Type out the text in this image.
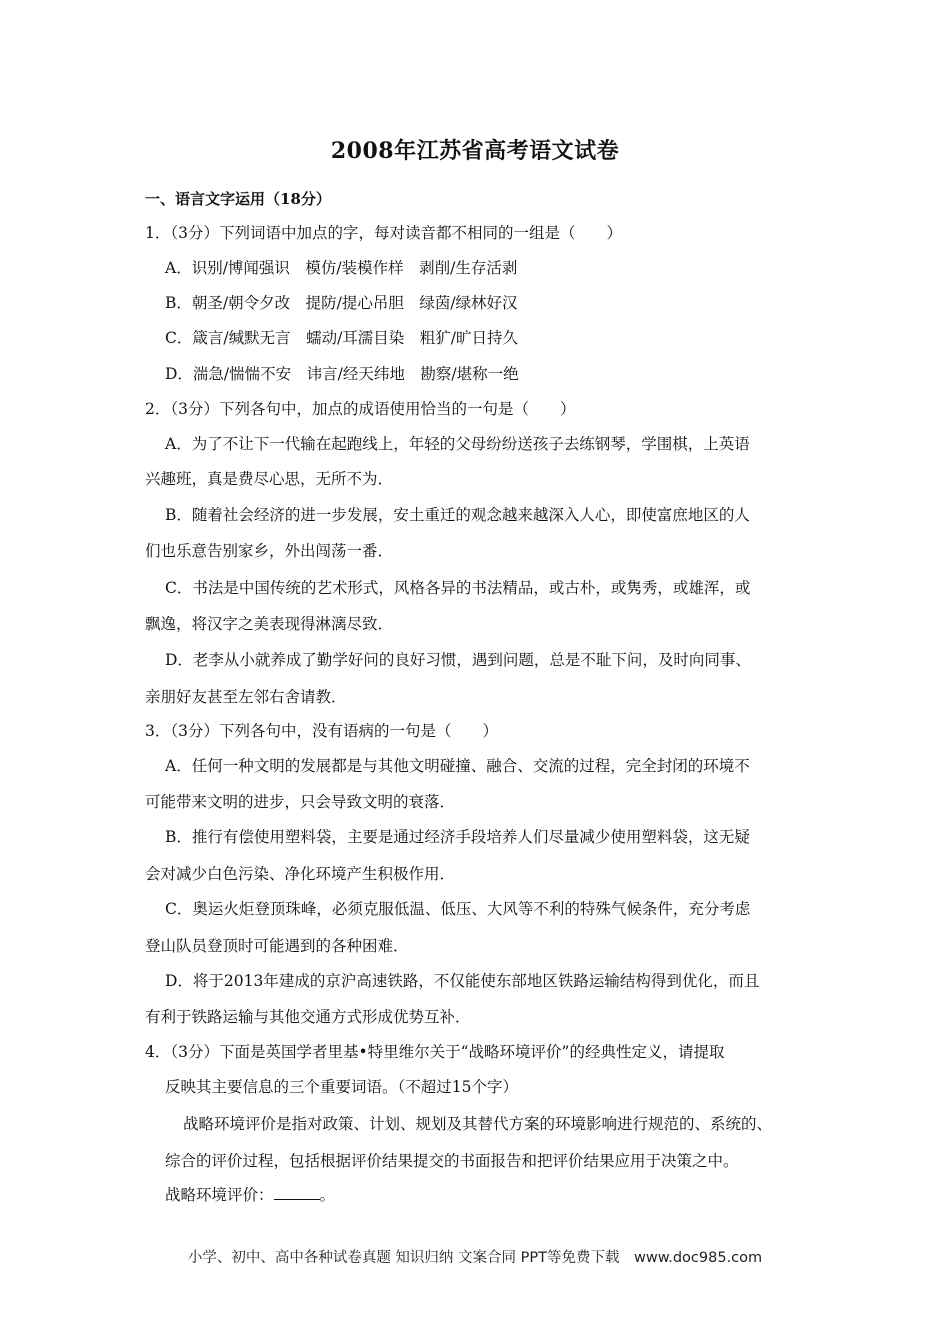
2008年江苏省高考语文试卷
一、语言文字运用（18分）
1．（3分）下列词语中加点的字，每对读音都不相同的一组是（　　）
A．识别/博闻强识　模仿/装模作样　剥削/生存活剥
B．朝圣/朝令夕改　提防/提心吊胆　绿茵/绿林好汉
C．箴言/缄默无言　蠕动/耳濡目染　粗犷/旷日持久
D．湍急/惴惴不安　讳言/经天纬地　勘察/堪称一绝
2．（3分）下列各句中，加点的成语使用恰当的一句是（　　）
A．为了不让下一代输在起跑线上，年轻的父母纷纷送孩子去练钢琴，学围棋，上英语
兴趣班，真是费尽心思，无所不为．
B．随着社会经济的进一步发展，安土重迁的观念越来越深入人心，即使富庶地区的人
们也乐意告别家乡，外出闯荡一番．
C．书法是中国传统的艺术形式，风格各异的书法精品，或古朴，或隽秀，或雄浑，或
飘逸，将汉字之美表现得淋漓尽致．
D．老李从小就养成了勤学好问的良好习惯，遇到问题，总是不耻下问，及时向同事、
亲朋好友甚至左邻右舍请教．
3．（3分）下列各句中，没有语病的一句是（　　）
A．任何一种文明的发展都是与其他文明碰撞、融合、交流的过程，完全封闭的环境不
可能带来文明的进步，只会导致文明的衰落．
B．推行有偿使用塑料袋，主要是通过经济手段培养人们尽量减少使用塑料袋，这无疑
会对减少白色污染、净化环境产生积极作用．
C．奥运火炬登顶珠峰，必须克服低温、低压、大风等不利的特殊气候条件，充分考虑
登山队员登顶时可能遇到的各种困难．
D．将于2013年建成的京沪高速铁路，不仅能使东部地区铁路运输结构得到优化，而且
有利于铁路运输与其他交通方式形成优势互补．
4．（3分）下面是英国学者里基•特里维尔关于“战略环境评价”的经典性定义，请提取
反映其主要信息的三个重要词语。（不超过15个字）
战略环境评价是指对政策、计划、规划及其替代方案的环境影响进行规范的、系统的、
综合的评价过程，包括根据评价结果提交的书面报告和把评价结果应用于决策之中。
战略环境评价：	。
小学、初中、高中各种试卷真题 知识归纳 文案合同 PPT等免费下载　www.doc985.com
